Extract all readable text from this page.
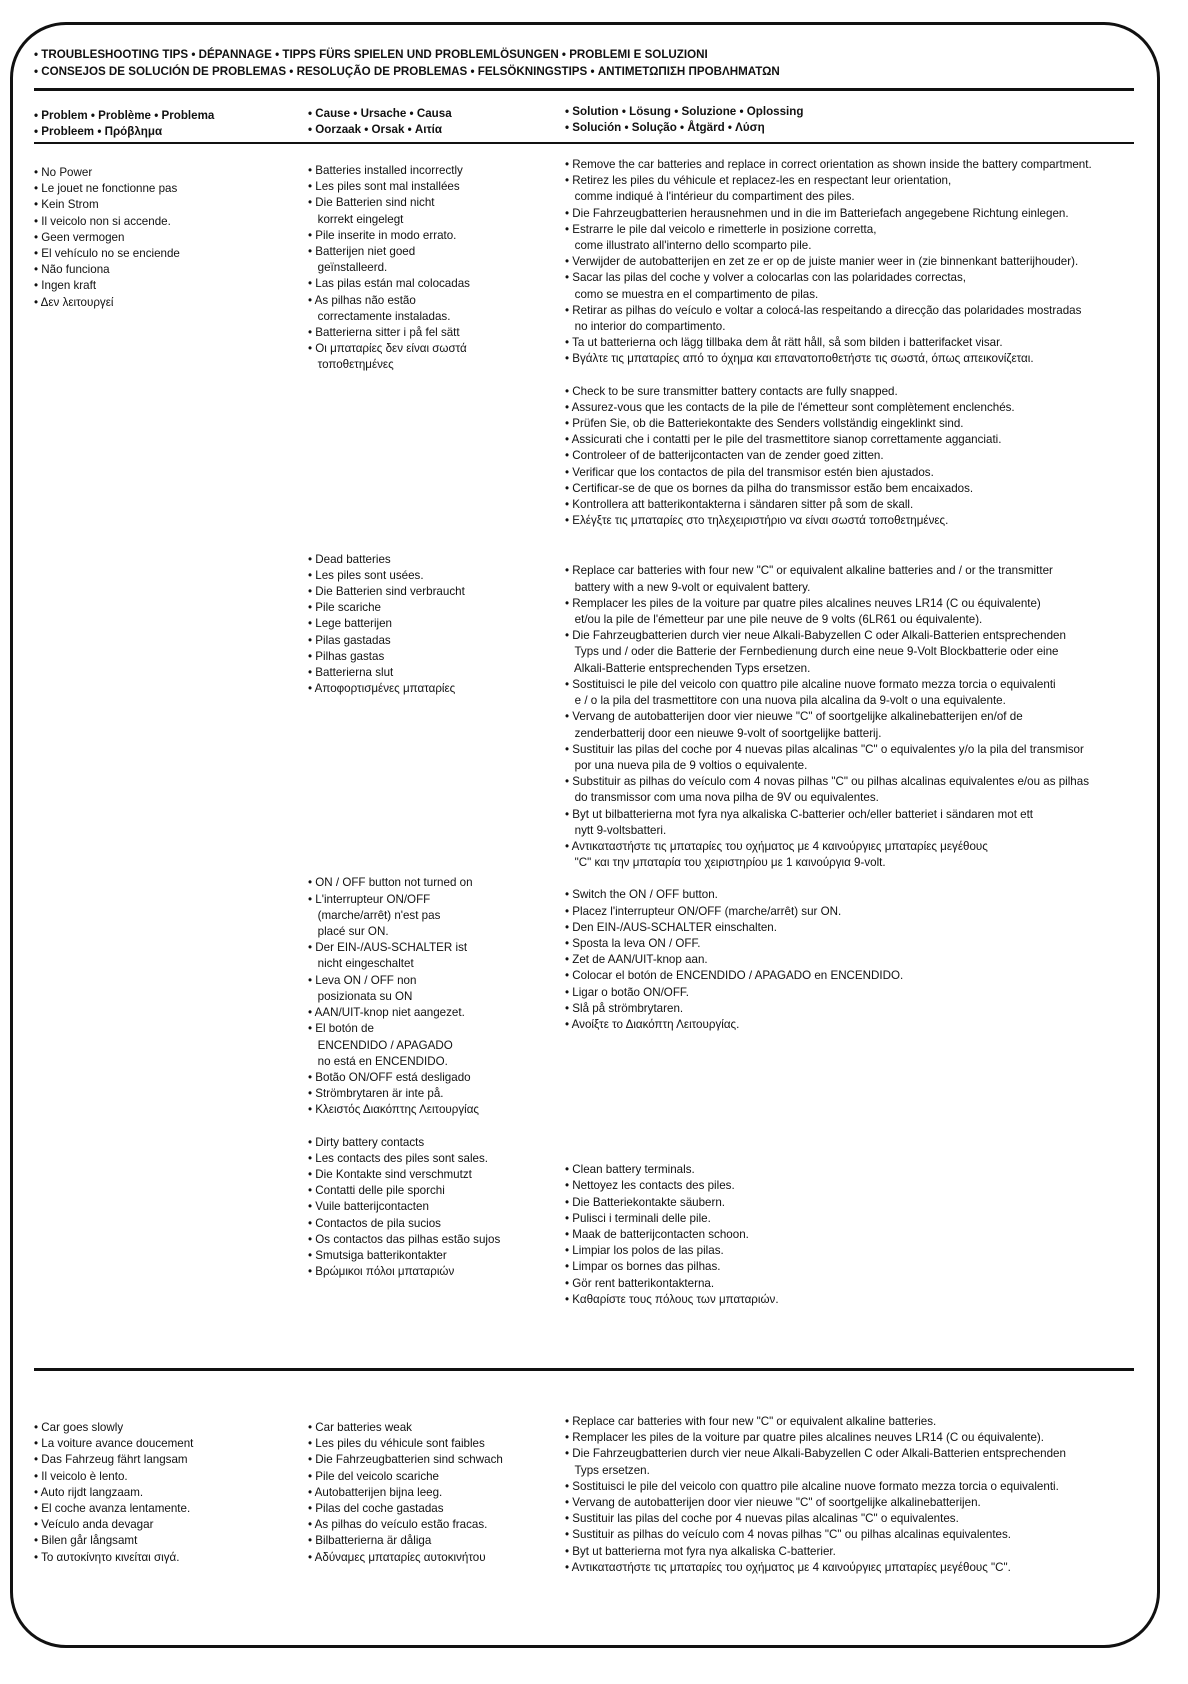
• TROUBLESHOOTING TIPS • DÉPANNAGE • TIPPS FÜRS SPIELEN UND PROBLEMLÖSUNGEN • PROBLEMI E SOLUZIONI
• CONSEJOS DE SOLUCIÓN DE PROBLEMAS • RESOLUÇÃO DE PROBLEMAS • FELSÖKNINGSTIPS • ΑΝΤΙΜΕΤΩΠΙΣΗ ΠΡΟΒΛΗΜΑΤΩΝ
• Problem • Problème • Problema
• Probleem • Πρόβλημα
• Cause • Ursache • Causa
• Oorzaak • Orsak • Αιτία
• Solution • Lösung • Soluzione • Oplossing
• Solución • Solução • Åtgärd • Λύση
• No Power
• Le jouet ne fonctionne pas
• Kein Strom
• Il veicolo non si accende.
• Geen vermogen
• El vehículo no se enciende
• Não funciona
• Ingen kraft
• Δεν λειτουργεί
• Batteries installed incorrectly
• Les piles sont mal installées
• Die Batterien sind nicht
korrekt eingelegt
• Pile inserite in modo errato.
• Batterijen niet goed
geïnstalleerd.
• Las pilas están mal colocadas
• As pilhas não estão
correctamente instaladas.
• Batterierna sitter i på fel sätt
• Οι μπαταρίες δεν είναι σωστά
τοποθετημένες
• Dead batteries
• Les piles sont usées.
• Die Batterien sind verbraucht
• Pile scariche
• Lege batterijen
• Pilas gastadas
• Pilhas gastas
• Batterierna slut
• Αποφορτισμένες μπαταρίες
• ON / OFF button not turned on
• L'interrupteur ON/OFF
(marche/arrêt) n'est pas
placé sur ON.
• Der EIN-/AUS-SCHALTER ist
nicht eingeschaltet
• Leva ON / OFF non
posizionata su ON
• AAN/UIT-knop niet aangezet.
• El botón de
ENCENDIDO / APAGADO
no está en ENCENDIDO.
• Botão ON/OFF está desligado
• Strömbrytaren är inte på.
• Κλειστός Διακόπτης Λειτουργίας
• Dirty battery contacts
• Les contacts des piles sont sales.
• Die Kontakte sind verschmutzt
• Contatti delle pile sporchi
• Vuile batterijcontacten
• Contactos de pila sucios
• Os contactos das pilhas estão sujos
• Smutsiga batterikontakter
• Βρώμικοι πόλοι μπαταριών
• Remove the car batteries and replace in correct orientation as shown inside the battery compartment.
• Retirez les piles du véhicule et replacez-les en respectant leur orientation,
comme indiqué à l'intérieur du compartiment des piles.
• Die Fahrzeugbatterien herausnehmen und in die im Batteriefach angegebene Richtung einlegen.
• Estrarre le pile dal veicolo e rimetterle in posizione corretta,
come illustrato all'interno dello scomparto pile.
• Verwijder de autobatterijen en zet ze er op de juiste manier weer in (zie binnenkant batterijhouder).
• Sacar las pilas del coche y volver a colocarlas con las polaridades correctas,
como se muestra en el compartimento de pilas.
• Retirar as pilhas do veículo e voltar a colocá-las respeitando a direcção das polaridades mostradas
no interior do compartimento.
• Ta ut batterierna och lägg tillbaka dem åt rätt håll, så som bilden i batterifacket visar.
• Βγάλτε τις μπαταρίες από το όχημα και επανατοποθετήστε τις σωστά, όπως απεικονίζεται.
• Check to be sure transmitter battery contacts are fully snapped.
• Assurez-vous que les contacts de la pile de l'émetteur sont complètement enclenchés.
• Prüfen Sie, ob die Batteriekontakte des Senders vollständig eingeklinkt sind.
• Assicurati che i contatti per le pile del trasmettitore sianop correttamente agganciati.
• Controleer of de batterijcontacten van de zender goed zitten.
• Verificar que los contactos de pila del transmisor estén bien ajustados.
• Certificar-se de que os bornes da pilha do transmissor estão bem encaixados.
• Kontrollera att batterikontakterna i sändaren sitter på som de skall.
• Ελέγξτε τις μπαταρίες στο τηλεχειριστήριο να είναι σωστά τοποθετημένες.
• Replace car batteries with four new "C" or equivalent alkaline batteries and / or the transmitter
battery with a new 9-volt or equivalent battery.
• Remplacer les piles de la voiture par quatre piles alcalines neuves LR14 (C ou équivalente)
et/ou la pile de l'émetteur par une pile neuve de 9 volts (6LR61 ou équivalente).
• Die Fahrzeugbatterien durch vier neue Alkali-Babyzellen C oder Alkali-Batterien entsprechenden
Typs und / oder die Batterie der Fernbedienung durch eine neue 9-Volt Blockbatterie oder eine
Alkali-Batterie entsprechenden Typs ersetzen.
• Sostituisci le pile del veicolo con quattro pile alcaline nuove formato mezza torcia o equivalenti
e / o la pila del trasmettitore con una nuova pila alcalina da 9-volt o una equivalente.
• Vervang de autobatterijen door vier nieuwe "C" of soortgelijke alkalinebatterijen en/of de
zenderbatterij door een nieuwe 9-volt of soortgelijke batterij.
• Sustituir las pilas del coche por 4 nuevas pilas alcalinas "C" o equivalentes y/o la pila del transmisor
por una nueva pila de 9 voltios o equivalente.
• Substituir as pilhas do veículo com 4 novas pilhas "C" ou pilhas alcalinas equivalentes e/ou as pilhas
do transmissor com uma nova pilha de 9V ou equivalentes.
• Byt ut bilbatterierna mot fyra nya alkaliska C-batterier och/eller batteriet i sändaren mot ett
nytt 9-voltsbatteri.
• Αντικαταστήστε τις μπαταρίες του οχήματος με 4 καινούργιες μπαταρίες μεγέθους
"C" και την μπαταρία του χειριστηρίου με 1 καινούργια 9-volt.
• Switch the ON / OFF button.
• Placez l'interrupteur ON/OFF (marche/arrêt) sur ON.
• Den EIN-/AUS-SCHALTER einschalten.
• Sposta la leva ON / OFF.
• Zet de AAN/UIT-knop aan.
• Colocar el botón de ENCENDIDO / APAGADO en ENCENDIDO.
• Ligar o botão ON/OFF.
• Slå på strömbrytaren.
• Ανοίξτε το Διακόπτη Λειτουργίας.
• Clean battery terminals.
• Nettoyez les contacts des piles.
• Die Batteriekontakte säubern.
• Pulisci i terminali delle pile.
• Maak de batterijcontacten schoon.
• Limpiar los polos de las pilas.
• Limpar os bornes das pilhas.
• Gör rent batterikontakterna.
• Καθαρίστε τους πόλους των μπαταριών.
• Car goes slowly
• La voiture avance doucement
• Das Fahrzeug fährt langsam
• Il veicolo è lento.
• Auto rijdt langzaam.
• El coche avanza lentamente.
• Veículo anda devagar
• Bilen går långsamt
• Το αυτοκίνητο κινείται σιγά.
• Car batteries weak
• Les piles du véhicule sont faibles
• Die Fahrzeugbatterien sind schwach
• Pile del veicolo scariche
• Autobatterijen bijna leeg.
• Pilas del coche gastadas
• As pilhas do veículo estão fracas.
• Bilbatterierna är dåliga
• Αδύναμες μπαταρίες αυτοκινήτου
• Replace car batteries with four new "C" or equivalent alkaline batteries.
• Remplacer les piles de la voiture par quatre piles alcalines neuves LR14 (C ou équivalente).
• Die Fahrzeugbatterien durch vier neue Alkali-Babyzellen C oder Alkali-Batterien entsprechenden
Typs ersetzen.
• Sostituisci le pile del veicolo con quattro pile alcaline nuove formato mezza torcia o equivalenti.
• Vervang de autobatterijen door vier nieuwe "C" of soortgelijke alkalinebatterijen.
• Sustituir las pilas del coche por 4 nuevas pilas alcalinas "C" o equivalentes.
• Sustituir as pilhas do veículo com 4 novas pilhas "C" ou pilhas alcalinas equivalentes.
• Byt ut batterierna mot fyra nya alkaliska C-batterier.
• Αντικαταστήστε τις μπαταρίες του οχήματος με 4 καινούργιες μπαταρίες μεγέθους "C".
